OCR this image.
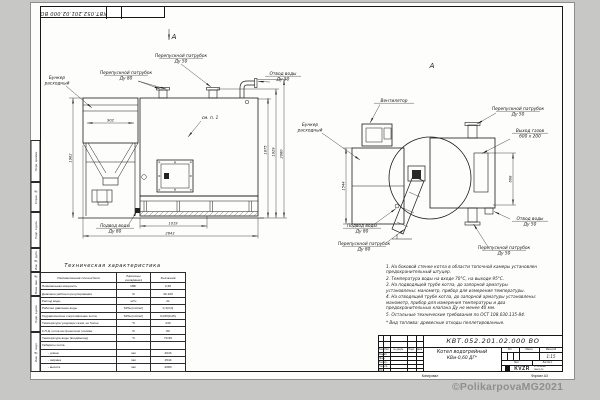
Перв. примен.
Справ. №
Подп. и дата
Инв. № дубл.
Взам. инв. №
Подп. и дата
Инв. № подл.
КВТ.052.201.02.000 ВО
А
Бункер
расходный
Перепускной патрубок
Ду 80
Перепускной патрубок
Ду 50
Отвод воды
Ду 50
см. п. 1
Подвод воды
Ду 80
902
1019
2643
1962
1875 1929 2080
А
Вентилятор
Бункер
расходный
Перепускной патрубок
Ду 50
Выход газов
600 х 200
Отвод воды
Ду 50
Перепускной патрубок
Ду 50
Подвод воды
Ду 80
Перепускной патрубок
Ду 80
1544
608
Техническая характеристика
Наименование показателя	Единицы измерения	Значение
Номинальная мощность	МВт	0,60
Диапазон рабочего регулирования	%	30-100
Расход воды	м³/ч	21
Рабочее давление воды	МПа (кгс/см²)	0,3(3,0)
Гидравлическое сопротивление котла	МПа (кгс/см²)	0,025(0,25)
Температура уходящих газов, не более	°С	230
К.П.Д. котла на проектном топливе	%	80
Температура воды (вход/выход)	°С	70-95
Габариты котла		
- длина	мм	2643
- ширина	мм	1544
- высота	мм	2080
1. На боковой стенке котла в области топочной камеры установлен предохранительный штуцер.
2. Температура воды на входе 70°С, на выходе 95°С.
3. На подводящей трубе котла, до запорной арматуры установлены: манометр, прибор для измерения температуры.
4. На отводящей трубе котла, до запорной арматуры установлены: манометр, прибор для измерения температуры и два предохранительных клапана Ду не менее 40 мм.
5. Остальные технические требования по ОСТ 108.030.135-84.
* Вид топлива: древесные отходы пеллетированные.
Изм. Лист	№ докум.	Подп. Дата
Разраб.
Пров.
Т.контр.
Н.контр.
Утв.
КВТ.052.201.02.000 ВО
Котел водогрейный
КВм-0,60 ДГ*
Лит.	Масса	Масштаб
1:15
Лист	Листов 1
KVZR	КОТЕЛЬНЫЙ
ЗАВОД.РФ
Копировал	Формат А3
©PolikarpovaMG2021
